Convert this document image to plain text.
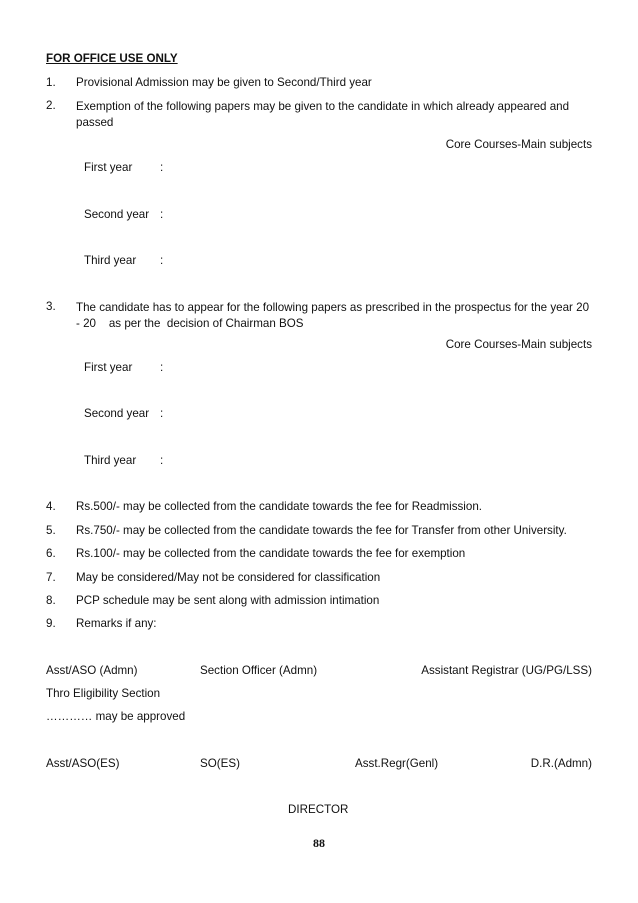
FOR OFFICE USE ONLY
1. Provisional Admission may be given to Second/Third year
2. Exemption of the following papers may be given to the candidate in which already appeared and passed
Core Courses-Main subjects
First year :
Second year :
Third year :
3. The candidate has to appear for the following papers as prescribed in the prospectus for the year 20    - 20    as per the  decision of Chairman BOS
Core Courses-Main subjects
First year :
Second year :
Third year :
4. Rs.500/- may be collected from the candidate towards the fee for Readmission.
5. Rs.750/- may be collected from the candidate towards the fee for Transfer from other University.
6. Rs.100/- may be collected from the candidate towards the fee for exemption
7. May be considered/May not be considered for classification
8. PCP schedule may be sent along with admission intimation
9. Remarks if any:
Asst/ASO (Admn)	Section Officer (Admn)	Assistant Registrar (UG/PG/LSS)
Thro Eligibility Section
………… may be approved
Asst/ASO(ES)	SO(ES)	Asst.Regr(Genl)	D.R.(Admn)
DIRECTOR
88
